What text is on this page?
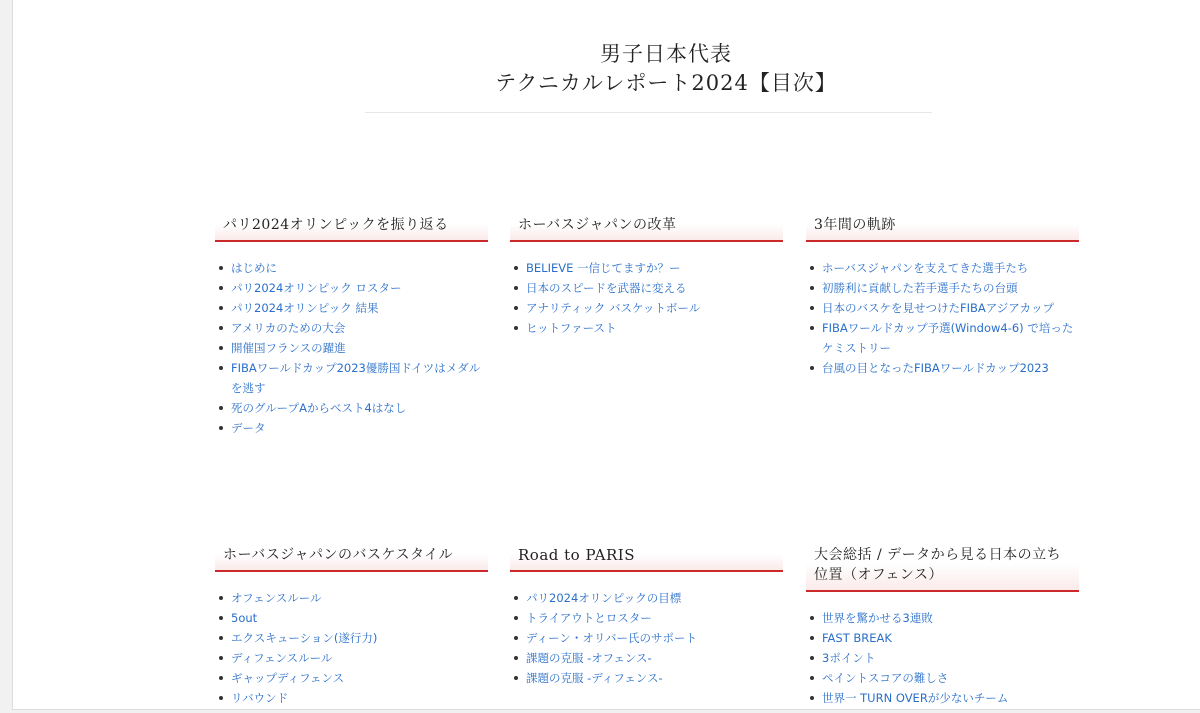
男子日本代表
テクニカルレポート2024【目次】
パリ2024オリンピックを振り返る
はじめに
パリ2024オリンピック ロスター
パリ2024オリンピック 結果
アメリカのための大会
開催国フランスの躍進
FIBAワールドカップ2023優勝国ドイツはメダルを逃す
死のグループAからベスト4はなし
データ
ホーバスジャパンの改革
BELIEVE 一信じてますか？ー
日本のスピードを武器に変える
アナリティック バスケットボール
ヒットファースト
3年間の軌跡
ホーバスジャパンを支えてきた選手たち
初勝利に貢献した若手選手たちの台頭
日本のバスケを見せつけたFIBAアジアカップ
FIBAワールドカップ予選(Window4-6) で培ったケミストリー
台風の目となったFIBAワールドカップ2023
ホーバスジャパンのバスケスタイル
オフェンスルール
5out
エクスキューション(遂行力)
ディフェンスルール
ギャップディフェンス
リバウンド
Road to PARIS
パリ2024オリンピックの目標
トライアウトとロスター
ディーン・オリバー氏のサポート
課題の克服 -オフェンス-
課題の克服 -ディフェンス-
大会総括 / データから見る日本の立ち位置（オフェンス）
世界を驚かせる3連敗
FAST BREAK
3ポイント
ペイントスコアの難しさ
世界一 TURN OVERが少ないチーム
